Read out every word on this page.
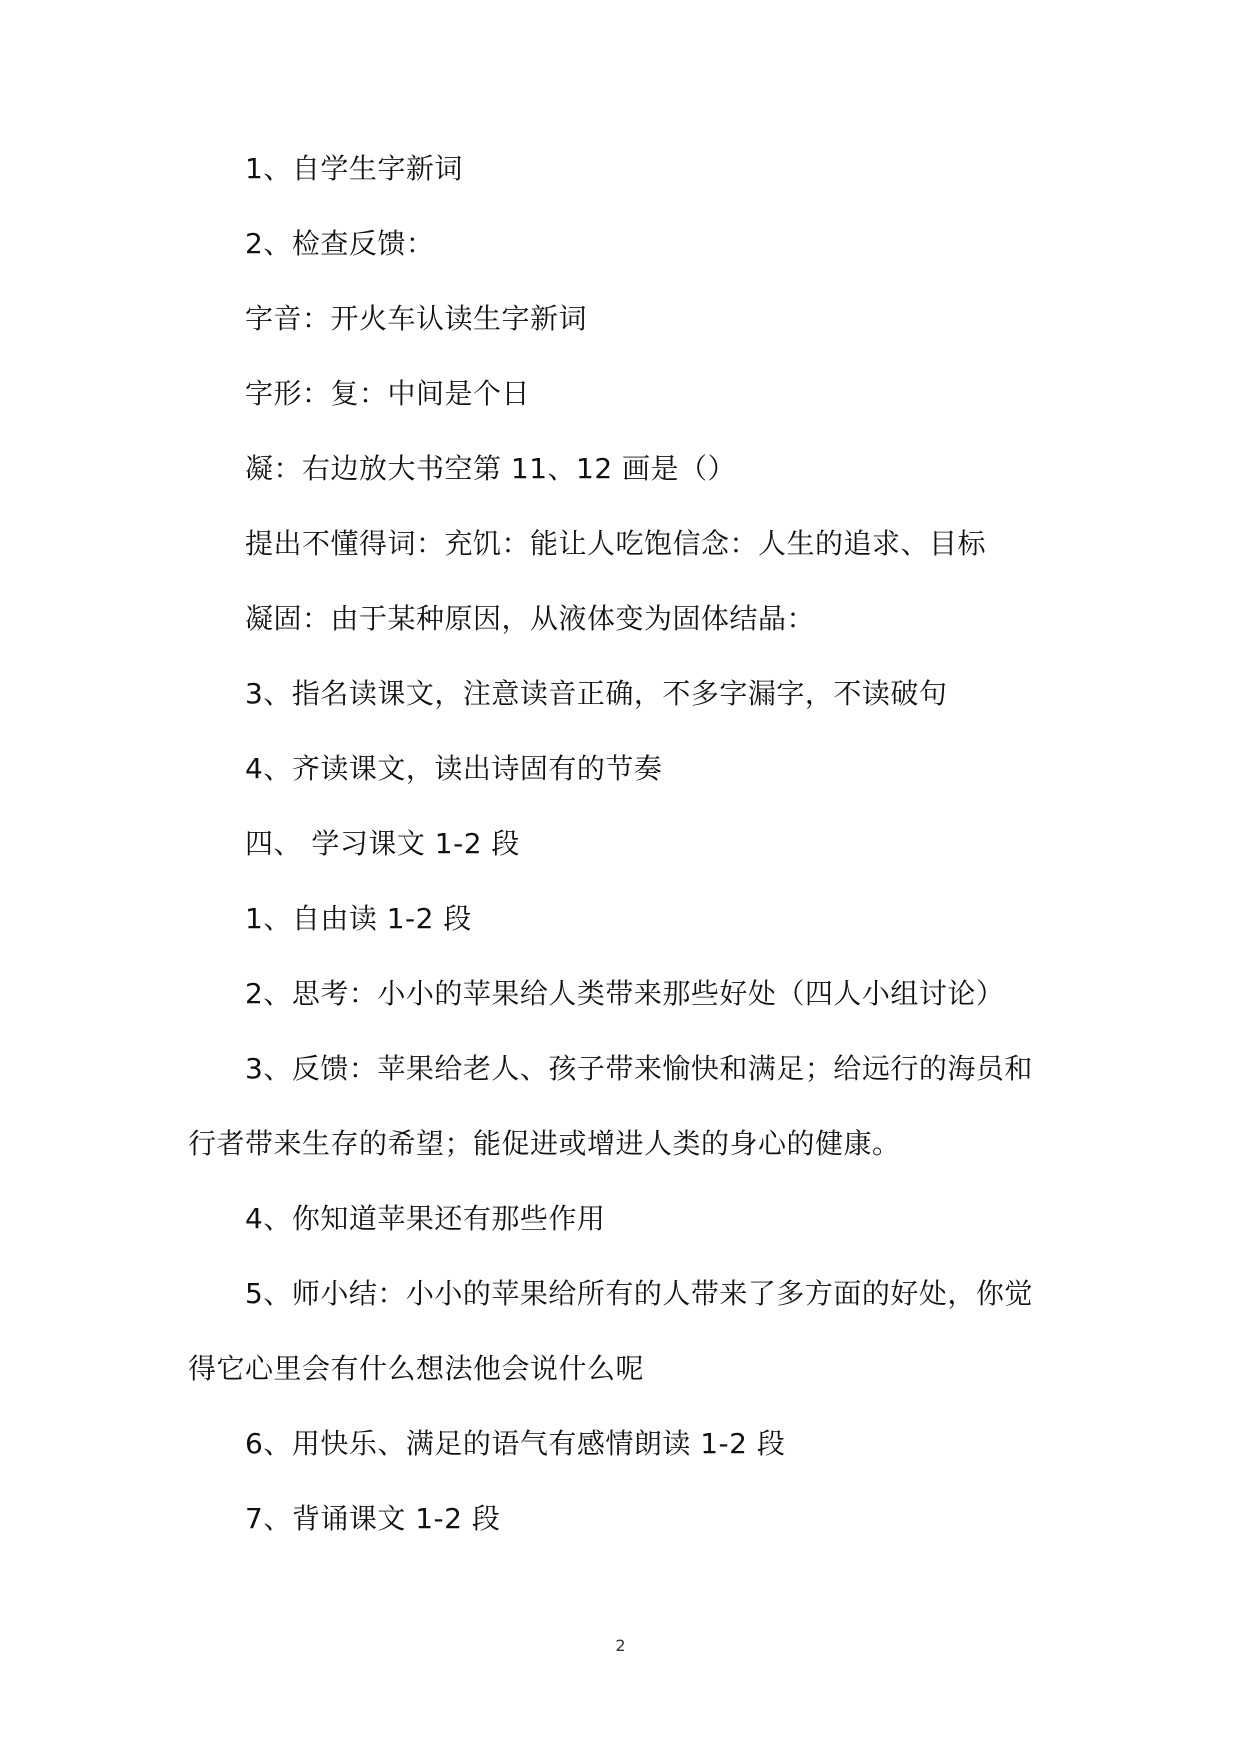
1、自学生字新词
2、检查反馈：
字音：开火车认读生字新词
字形：复：中间是个日
凝：右边放大书空第 11、12 画是（）
提出不懂得词：充饥：能让人吃饱信念：人生的追求、目标
凝固：由于某种原因，从液体变为固体结晶：
3、指名读课文，注意读音正确，不多字漏字，不读破句
4、齐读课文，读出诗固有的节奏
四、 学习课文 1-2 段
1、自由读 1-2 段
2、思考：小小的苹果给人类带来那些好处（四人小组讨论）
3、反馈：苹果给老人、孩子带来愉快和满足；给远行的海员和
行者带来生存的希望；能促进或增进人类的身心的健康。
4、你知道苹果还有那些作用
5、师小结：小小的苹果给所有的人带来了多方面的好处，你觉
得它心里会有什么想法他会说什么呢
6、用快乐、满足的语气有感情朗读 1-2 段
7、背诵课文 1-2 段
2
